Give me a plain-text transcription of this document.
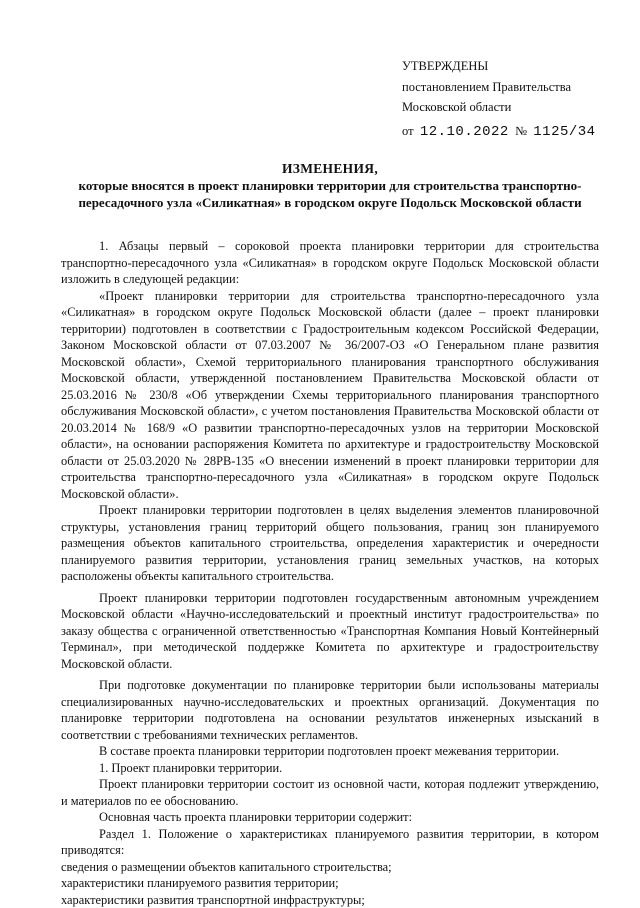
УТВЕРЖДЕНЫ
постановлением Правительства
Московской области
от 12.10.2022 № 1125/34
ИЗМЕНЕНИЯ,
которые вносятся в проект планировки территории для строительства транспортно-
пересадочного узла «Силикатная» в городском округе Подольск Московской области

1. Абзацы первый – сороковой проекта планировки территории для строительства транспортно-пересадочного узла «Силикатная» в городском округе Подольск Московской области изложить в следующей редакции:

«Проект планировки территории для строительства транспортно-пересадочного узла «Силикатная» в городском округе Подольск Московской области (далее – проект планировки территории) подготовлен в соответствии с Градостроительным кодексом Российской Федерации, Законом Московской области от 07.03.2007 № 36/2007-ОЗ «О Генеральном плане развития Московской области», Схемой территориального планирования транспортного обслуживания Московской области, утвержденной постановлением Правительства Московской области от 25.03.2016 № 230/8 «Об утверждении Схемы территориального планирования транспортного обслуживания Московской области», с учетом постановления Правительства Московской области от 20.03.2014 № 168/9 «О развитии транспортно-пересадочных узлов на территории Московской области», на основании распоряжения Комитета по архитектуре и градостроительству Московской области от 25.03.2020 № 28РВ-135 «О внесении изменений в проект планировки территории для строительства транспортно-пересадочного узла «Силикатная» в городском округе Подольск Московской области».

Проект планировки территории подготовлен в целях выделения элементов планировочной структуры, установления границ территорий общего пользования, границ зон планируемого размещения объектов капитального строительства, определения характеристик и очередности планируемого развития территории, установления границ земельных участков, на которых расположены объекты капитального строительства.

Проект планировки территории подготовлен государственным автономным учреждением Московской области «Научно-исследовательский и проектный институт градостроительства» по заказу общества с ограниченной ответственностью «Транспортная Компания Новый Контейнерный Терминал», при методической поддержке Комитета по архитектуре и градостроительству Московской области.

При подготовке документации по планировке территории были использованы материалы специализированных научно-исследовательских и проектных организаций. Документация по планировке территории подготовлена на основании результатов инженерных изысканий в соответствии с требованиями технических регламентов.

В составе проекта планировки территории подготовлен проект межевания территории.

1. Проект планировки территории.

Проект планировки территории состоит из основной части, которая подлежит утверждению, и материалов по ее обоснованию.

Основная часть проекта планировки территории содержит:

Раздел 1. Положение о характеристиках планируемого развития территории, в котором приводятся:

сведения о размещении объектов капитального строительства;

характеристики планируемого развития территории;

характеристики развития транспортной инфраструктуры;
